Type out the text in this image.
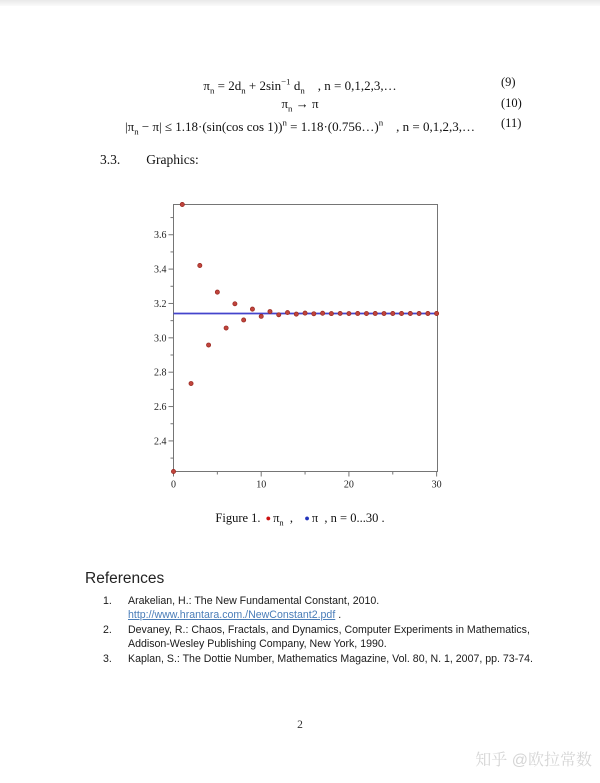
$\pi_n = 2d_n + 2\sin^{-1}$ $d_n$  , n = 0,1,2,3,…	(9)
$\pi_n \to \pi$	(10)
$|\pi_n - \pi| \le 1.18\cdot(\sin(\cos$ cos 1))$^n$ = 1.18·(0.756…)$^n$  , n = 0,1,2,3,… (11)
3.3. Graphics:
2.4
2.6
2.8
3.0
3.2
3.4
3.6
0	10	20	30
Figure 1. ● $\pi_n$ ,  ● π , n = 0...30 .
References
1.	Arakelian, H.: The New Fundamental Constant, 2010.
http://www.hrantara.com./NewConstant2.pdf .
2.	Devaney, R.: Chaos, Fractals, and Dynamics, Computer Experiments in Mathematics, Addison-Wesley Publishing Company, New York, 1990.
3.	Kaplan, S.: The Dottie Number, Mathematics Magazine, Vol. 80, N. 1, 2007, pp. 73-74.
2
知乎 @欧拉常数
